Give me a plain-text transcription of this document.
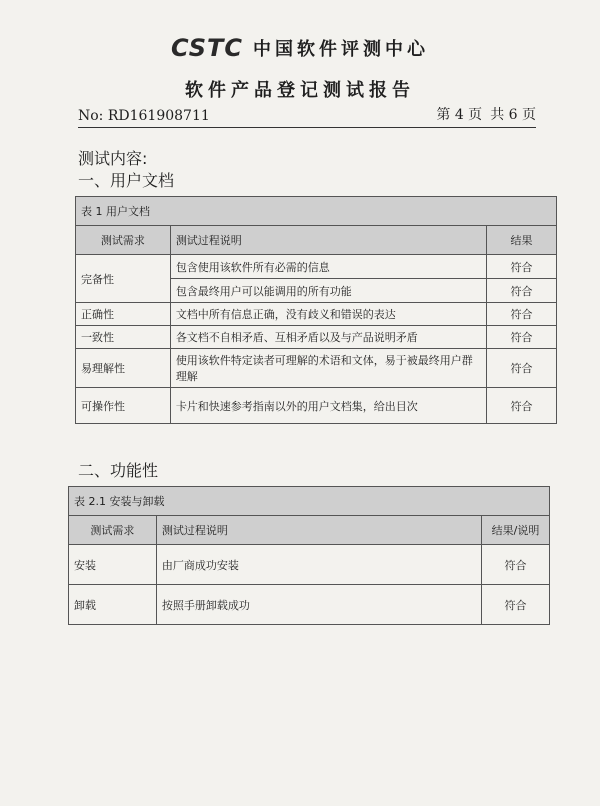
CSTC 中国软件评测中心
软件产品登记测试报告
No: RD161908711	第 4 页 共 6 页
测试内容:
一、用户文档
表 1 用户文档		
测试需求	测试过程说明	结果
完备性	包含使用该软件所有必需的信息	符合
	包含最终用户可以能调用的所有功能	符合
正确性	文档中所有信息正确，没有歧义和错误的表达	符合
一致性	各文档不自相矛盾、互相矛盾以及与产品说明矛盾	符合
易理解性	使用该软件特定读者可理解的术语和文体，易于被最终用户群理解	符合
可操作性	卡片和快速参考指南以外的用户文档集，给出目次	符合
二、功能性
表 2.1 安装与卸载		
测试需求	测试过程说明	结果/说明
安装	由厂商成功安装	符合
卸载	按照手册卸载成功	符合
